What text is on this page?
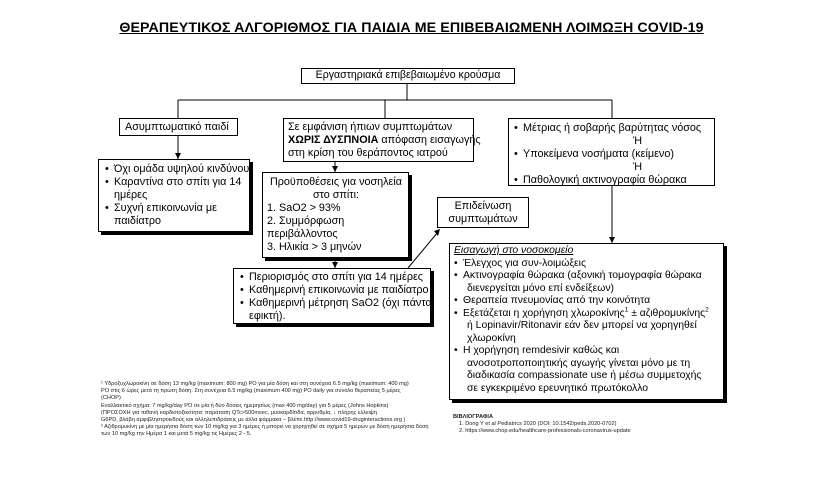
ΘΕΡΑΠΕΥΤΙΚΟΣ ΑΛΓΟΡΙΘΜΟΣ ΓΙΑ ΠΑΙΔΙΑ ΜΕ ΕΠΙΒΕΒΑΙΩΜΕΝΗ ΛΟΙΜΩΞΗ COVID-19
Εργαστηριακά επιβεβαιωμένο κρούσμα
Ασυμπτωματικό παιδί	Σε εμφάνιση ήπιων συμπτωμάτων
ΧΩΡΙΣ ΔΥΣΠΝΟΙΑ απόφαση εισαγωγής
στη κρίση του θεράποντος ιατρού
• Μέτριας ή σοβαρής βαρύτητας νόσος
Ή

• Υποκείμενα νοσήματα (κείμενο)
Ή

• Παθολογική ακτινογραφία θώρακα
• Όχι ομάδα υψηλού κινδύνου.
• Καραντίνα στο σπίτι για 14
ημέρες
• Συχνή επικοινωνία με
παιδίατρο
Προϋποθέσεις για νοσηλεία
στο σπίτι:
1. SaO2 > 93%
2. Συμμόρφωση
περιβάλλοντος
3. Ηλικία > 3 μηνών
Επιδείνωση
συμπτωμάτων
• Περιορισμός στο σπίτι για 14 ημέρες
• Καθημερινή επικοινωνία με παιδίατρο
• Καθημερινή μέτρηση SaO2 (όχι πάντα
εφικτή).
Εισαγωγή στο νοσοκομείο
• Έλεγχος για συν-λοιμώξεις
• Ακτινογραφία θώρακα (αξονική τομογραφία θώρακα
διενεργείται μόνο επί ενδείξεων)
• Θεραπεία πνευμονίας από την κοινότητα
• Εξετάζεται η χορήγηση χλωροκίνης$^1$ ± αζιθρομυκίνης$^2$
ή Lopinavir/Ritonavir εάν δεν μπορεί να χορηγηθεί
χλωροκίνη
• Η χορήγηση remdesivir καθώς και
ανοσοτροποποιητικής αγωγής γίνεται μόνο με τη
διαδικασία compassionate use ή μέσω συμμετοχής
σε εγκεκριμένο ερευνητικό πρωτόκολλο
¹ Υδροξυχλωροκίνη σε δόση 13 mg/kg (maximum: 800 mg) PO για μία δόση και στη συνέχεια 6.5 mg/kg (maximum: 400 mg)
PO στις 6 ώρες μετά τη πρώτη δόση. Στη συνέχεια 6.5 mg/kg (maximum 400 mg) PO daily για σύνολο θεραπείας 5 μέρες
(CHOP)
Εναλλακτικό σχήμα: 7 mg/kg/day PO σε μία ή δύο δόσεις ημερησίως (max 400 mg/day) για 5 μέρες (Johns Hopkins)
(ΠΡΟΣΟΧΗ για πιθανή καρδιοτοξικότητα: παράταση QTc>500msec, μυοκαρδίτιδα, αρρυθμία, ↓ πλήρης ελλειψη
G6PD, βλάβη αμφιβληστροειδούς και αλληλεπιδράσεις με άλλα φάρμακα – βλέπε http://www.covid19-druginteractions.org )
² Αζιθρομυκίνη με μία ημερήσια δόση των 10 mg/kg για 3 ημέρες ή μπορεί να χορηγηθεί σε σχήμα 5 ημερών με δόση ημερήσια δόση
των 10 mg/kg την Ημέρα 1 και μετά 5 mg/kg τις Ημέρες 2 - 5.
ΒΙΒΛΙΟΓΡΑΦΙΑ
1. Dong Y et al Pediatrics 2020 (DOI: 10.1542/peds.2020-0702)
2. https://www.chop.edu/healthcare-professionals-coronavirus-update
